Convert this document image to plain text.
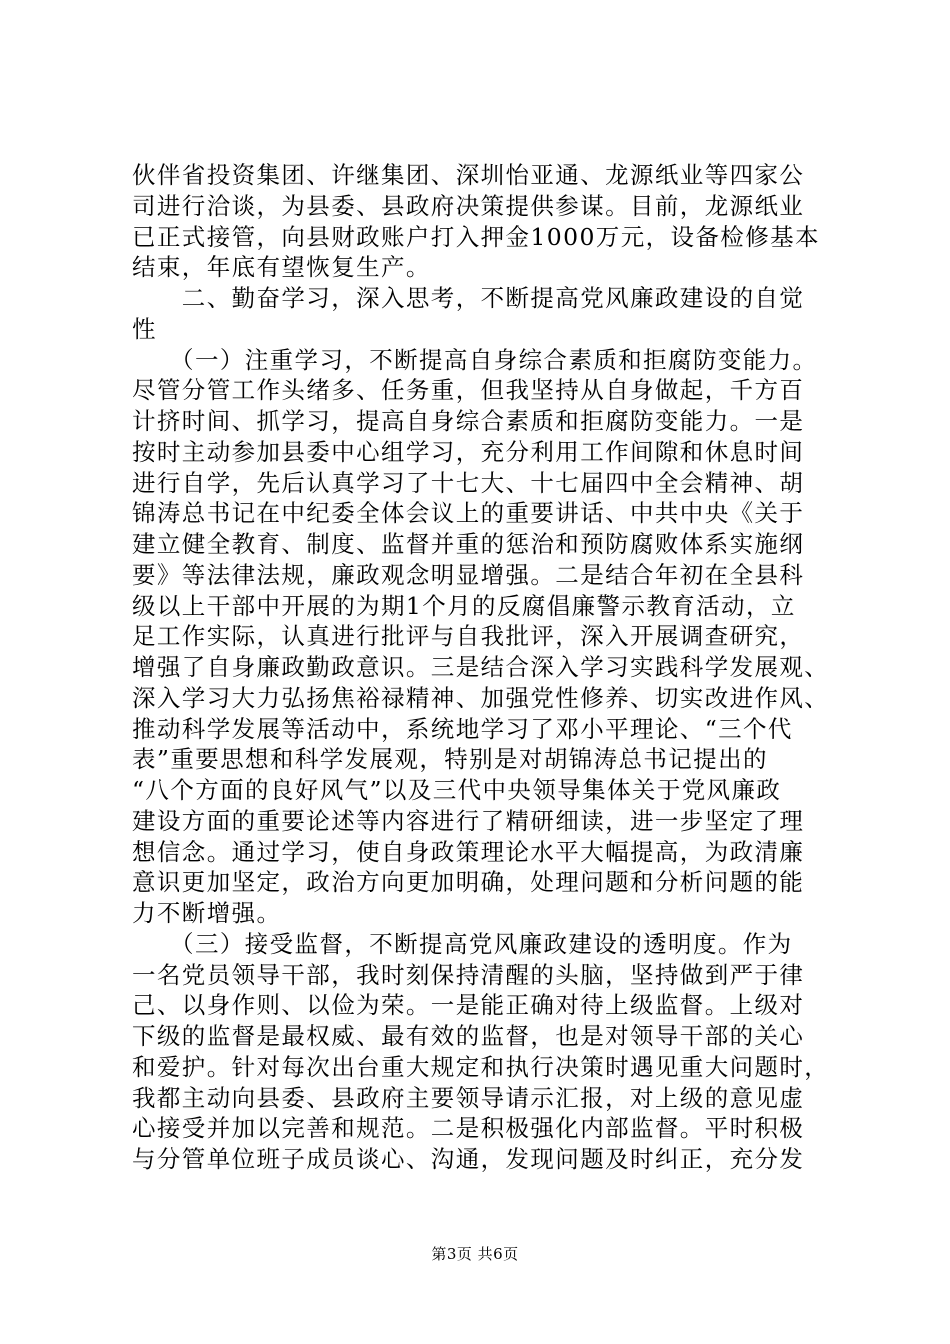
伙伴省投资集团、许继集团、深圳怡亚通、龙源纸业等四家公
司进行洽谈，为县委、县政府决策提供参谋。目前，龙源纸业
已正式接管，向县财政账户打入押金1000万元，设备检修基本
结束，年底有望恢复生产。
　　二、勤奋学习，深入思考，不断提高党风廉政建设的自觉
性
　　（一）注重学习，不断提高自身综合素质和拒腐防变能力。
尽管分管工作头绪多、任务重，但我坚持从自身做起，千方百
计挤时间、抓学习，提高自身综合素质和拒腐防变能力。一是
按时主动参加县委中心组学习，充分利用工作间隙和休息时间
进行自学，先后认真学习了十七大、十七届四中全会精神、胡
锦涛总书记在中纪委全体会议上的重要讲话、中共中央《关于
建立健全教育、制度、监督并重的惩治和预防腐败体系实施纲
要》等法律法规，廉政观念明显增强。二是结合年初在全县科
级以上干部中开展的为期1个月的反腐倡廉警示教育活动，立
足工作实际，认真进行批评与自我批评，深入开展调查研究，
增强了自身廉政勤政意识。三是结合深入学习实践科学发展观、
深入学习大力弘扬焦裕禄精神、加强党性修养、切实改进作风、
推动科学发展等活动中，系统地学习了邓小平理论、“三个代
表”重要思想和科学发展观，特别是对胡锦涛总书记提出的
“八个方面的良好风气”以及三代中央领导集体关于党风廉政
建设方面的重要论述等内容进行了精研细读，进一步坚定了理
想信念。通过学习，使自身政策理论水平大幅提高，为政清廉
意识更加坚定，政治方向更加明确，处理问题和分析问题的能
力不断增强。
　　（三）接受监督，不断提高党风廉政建设的透明度。作为
一名党员领导干部，我时刻保持清醒的头脑，坚持做到严于律
己、以身作则、以俭为荣。一是能正确对待上级监督。上级对
下级的监督是最权威、最有效的监督，也是对领导干部的关心
和爱护。针对每次出台重大规定和执行决策时遇见重大问题时，
我都主动向县委、县政府主要领导请示汇报，对上级的意见虚
心接受并加以完善和规范。二是积极强化内部监督。平时积极
与分管单位班子成员谈心、沟通，发现问题及时纠正，充分发
第3页 共6页
